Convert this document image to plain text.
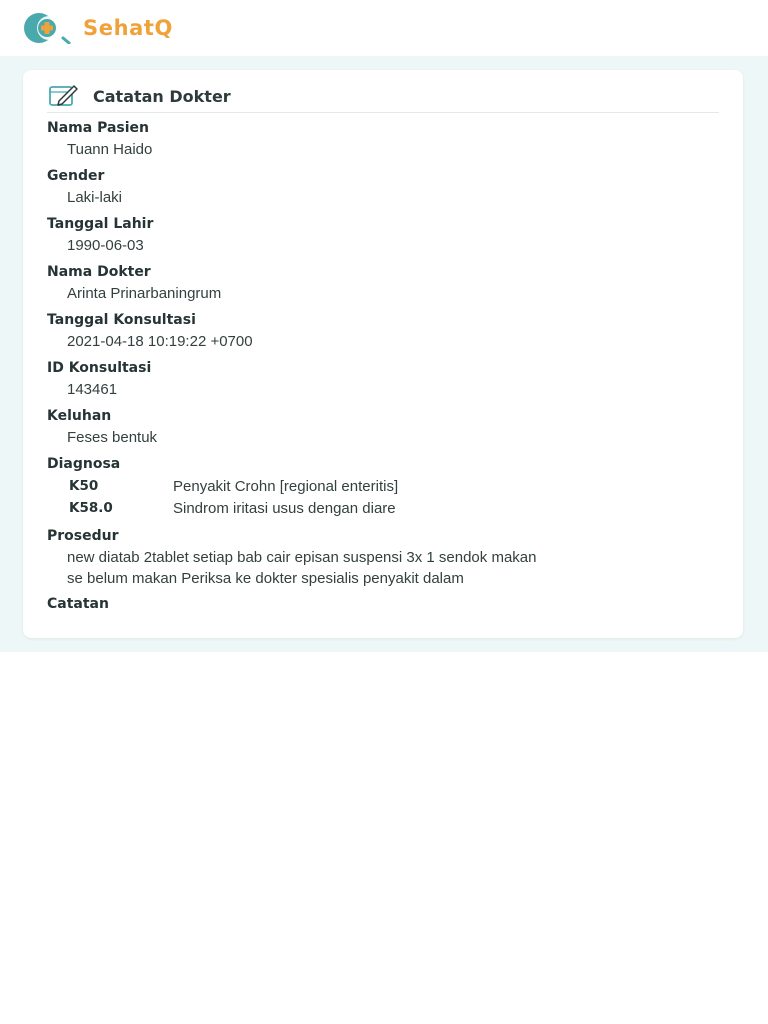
SehatQ
Catatan Dokter
Nama Pasien
Tuann Haido
Gender
Laki-laki
Tanggal Lahir
1990-06-03
Nama Dokter
Arinta Prinarbaningrum
Tanggal Konsultasi
2021-04-18 10:19:22 +0700
ID Konsultasi
143461
Keluhan
Feses bentuk
Diagnosa
K50	Penyakit Crohn [regional enteritis]
K58.0	Sindrom iritasi usus dengan diare
Prosedur
new diatab 2tablet setiap bab cair episan suspensi 3x 1 sendok makan
se belum makan Periksa ke dokter spesialis penyakit dalam
Catatan
